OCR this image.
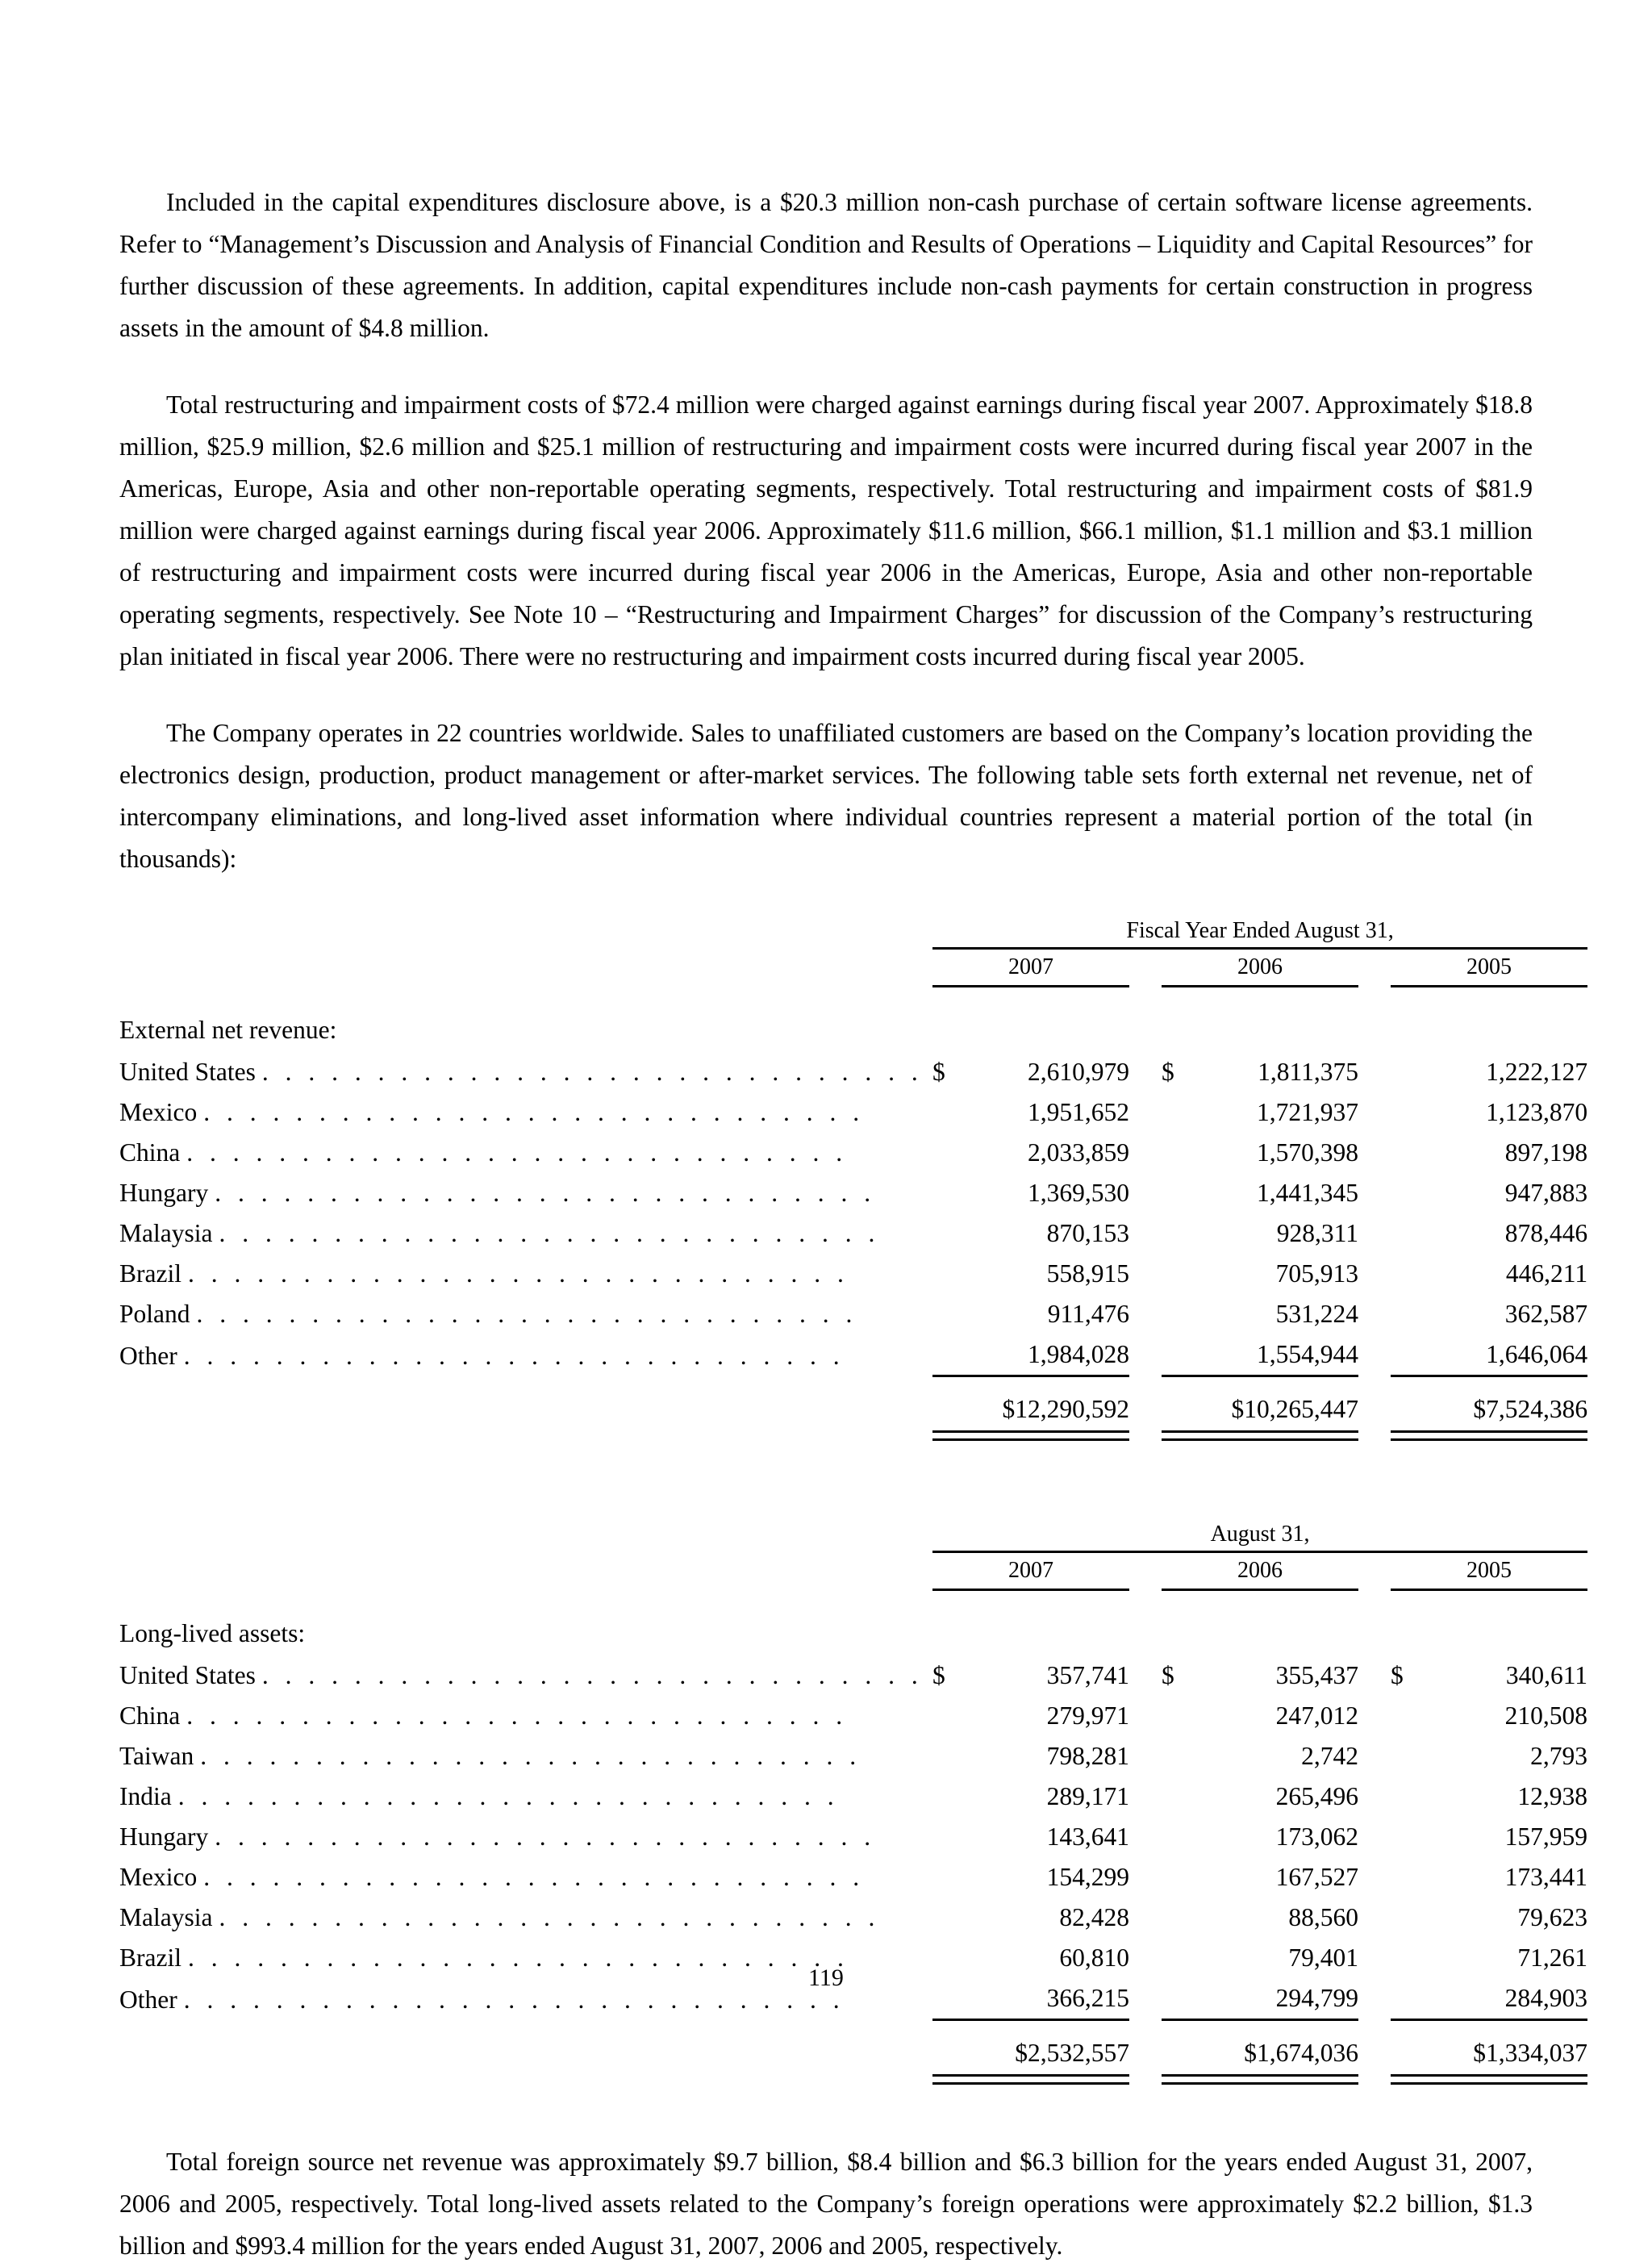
Included in the capital expenditures disclosure above, is a $20.3 million non-cash purchase of certain software license agreements. Refer to “Management’s Discussion and Analysis of Financial Condition and Results of Operations – Liquidity and Capital Resources” for further discussion of these agreements. In addition, capital expenditures include non-cash payments for certain construction in progress assets in the amount of $4.8 million.

Total restructuring and impairment costs of $72.4 million were charged against earnings during fiscal year 2007. Approximately $18.8 million, $25.9 million, $2.6 million and $25.1 million of restructuring and impairment costs were incurred during fiscal year 2007 in the Americas, Europe, Asia and other non-reportable operating segments, respectively. Total restructuring and impairment costs of $81.9 million were charged against earnings during fiscal year 2006. Approximately $11.6 million, $66.1 million, $1.1 million and $3.1 million of restructuring and impairment costs were incurred during fiscal year 2006 in the Americas, Europe, Asia and other non-reportable operating segments, respectively. See Note 10 – “Restructuring and Impairment Charges” for discussion of the Company’s restructuring plan initiated in fiscal year 2006. There were no restructuring and impairment costs incurred during fiscal year 2005.

The Company operates in 22 countries worldwide. Sales to unaffiliated customers are based on the Company’s location providing the electronics design, production, product management or after-market services. The following table sets forth external net revenue, net of intercompany eliminations, and long-lived asset information where individual countries represent a material portion of the total (in thousands):

		Fiscal Year Ended August 31,							

		2007			2006			2005	

External net revenue:									
United States . . . . . . . . . . . . . . . . . . . . . . . . . . . . .		$	2,610,979		$	1,811,375			1,222,127
Mexico . . . . . . . . . . . . . . . . . . . . . . . . . . . . .			1,951,652			1,721,937			1,123,870
China . . . . . . . . . . . . . . . . . . . . . . . . . . . . .			2,033,859			1,570,398			897,198
Hungary . . . . . . . . . . . . . . . . . . . . . . . . . . . . .			1,369,530			1,441,345			947,883
Malaysia . . . . . . . . . . . . . . . . . . . . . . . . . . . . .			870,153			928,311			878,446
Brazil . . . . . . . . . . . . . . . . . . . . . . . . . . . . .			558,915			705,913			446,211
Poland . . . . . . . . . . . . . . . . . . . . . . . . . . . . .			911,476			531,224			362,587
Other . . . . . . . . . . . . . . . . . . . . . . . . . . . . .			1,984,028			1,554,944			1,646,064

		$12,290,592			$10,265,447			$7,524,386	

		August 31,							

		2007			2006			2005	

Long-lived assets:									
United States . . . . . . . . . . . . . . . . . . . . . . . . . . . . .		$	357,741		$	355,437		$	340,611
China . . . . . . . . . . . . . . . . . . . . . . . . . . . . .			279,971			247,012			210,508
Taiwan . . . . . . . . . . . . . . . . . . . . . . . . . . . . .			798,281			2,742			2,793
India . . . . . . . . . . . . . . . . . . . . . . . . . . . . .			289,171			265,496			12,938
Hungary . . . . . . . . . . . . . . . . . . . . . . . . . . . . .			143,641			173,062			157,959
Mexico . . . . . . . . . . . . . . . . . . . . . . . . . . . . .			154,299			167,527			173,441
Malaysia . . . . . . . . . . . . . . . . . . . . . . . . . . . . .			82,428			88,560			79,623
Brazil . . . . . . . . . . . . . . . . . . . . . . . . . . . . .			60,810			79,401			71,261
Other . . . . . . . . . . . . . . . . . . . . . . . . . . . . .			366,215			294,799			284,903

		$2,532,557			$1,674,036			$1,334,037	

Total foreign source net revenue was approximately $9.7 billion, $8.4 billion and $6.3 billion for the years ended August 31, 2007, 2006 and 2005, respectively. Total long-lived assets related to the Company’s foreign operations were approximately $2.2 billion, $1.3 billion and $993.4 million for the years ended August 31, 2007, 2006 and 2005, respectively.

119
